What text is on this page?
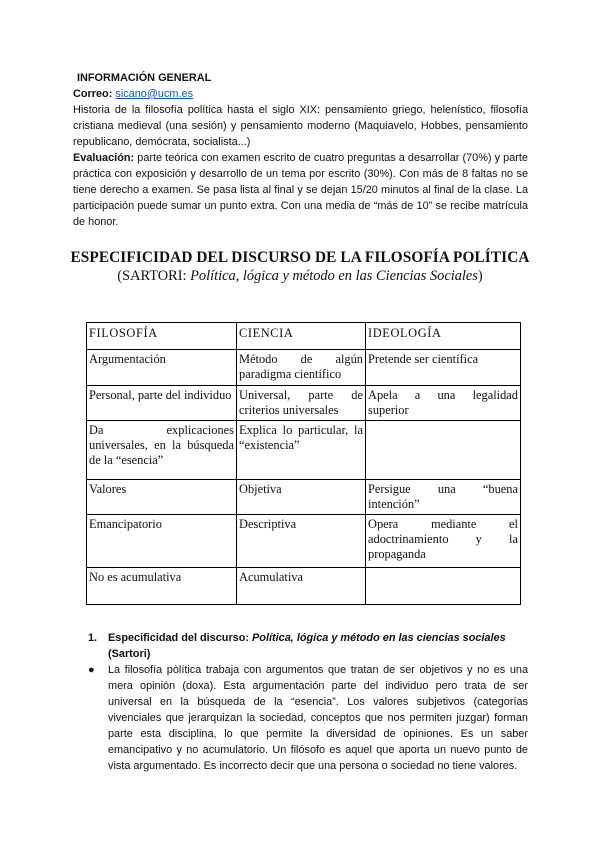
INFORMACIÓN GENERAL

Correo: sicano@ucm.es

Historia de la filosofía política hasta el siglo XIX: pensamiento griego, helenístico, filosofía cristiana medieval (una sesión) y pensamiento moderno (Maquiavelo, Hobbes, pensamiento republicano, demócrata, socialista...)

Evaluación: parte teórica con examen escrito de cuatro preguntas a desarrollar (70%) y parte práctica con exposición y desarrollo de un tema por escrito (30%). Con más de 8 faltas no se tiene derecho a examen. Se pasa lista al final y se dejan 15/20 minutos al final de la clase. La participación puede sumar un punto extra. Con una media de “más de 10” se recibe matrícula de honor.

ESPECIFICIDAD DEL DISCURSO DE LA FILOSOFÍA POLÍTICA
(SARTORI: Política, lógica y método en las Ciencias Sociales)
FILOSOFÍA	CIENCIA	IDEOLOGÍA
Argumentación	Método de algún paradigma científico	Pretende ser científica
Personal, parte del individuo	Universal, parte de criterios universales	Apela a una legalidad superior
Da explicaciones universales, en la búsqueda de la “esencia”	Explica lo particular, la “existencia”	
Valores	Objetiva	Persigue una “buena intención”
Emancipatorio	Descriptiva	Opera mediante el adoctrinamiento y la propaganda
No es acumulativa	Acumulativa	
1. Especificidad del discurso: Política, lógica y método en las ciencias sociales (Sartori)

● La filosofía pòlítica trabaja con argumentos que tratan de ser objetivos y no es una mera opinión (doxa). Esta argumentación parte del individuo pero trata de ser universal en la búsqueda de la “esencia”. Los valores subjetivos (categorías vivenciales que jerarquizan la sociedad, conceptos que nos permiten juzgar) forman parte esta disciplina, lo que permite la diversidad de opiniones. Es un saber emancipativo y no acumulatorio. Un filósofo es aquel que aporta un nuevo punto de vista argumentado. Es incorrecto decir que una persona o sociedad no tiene valores.
